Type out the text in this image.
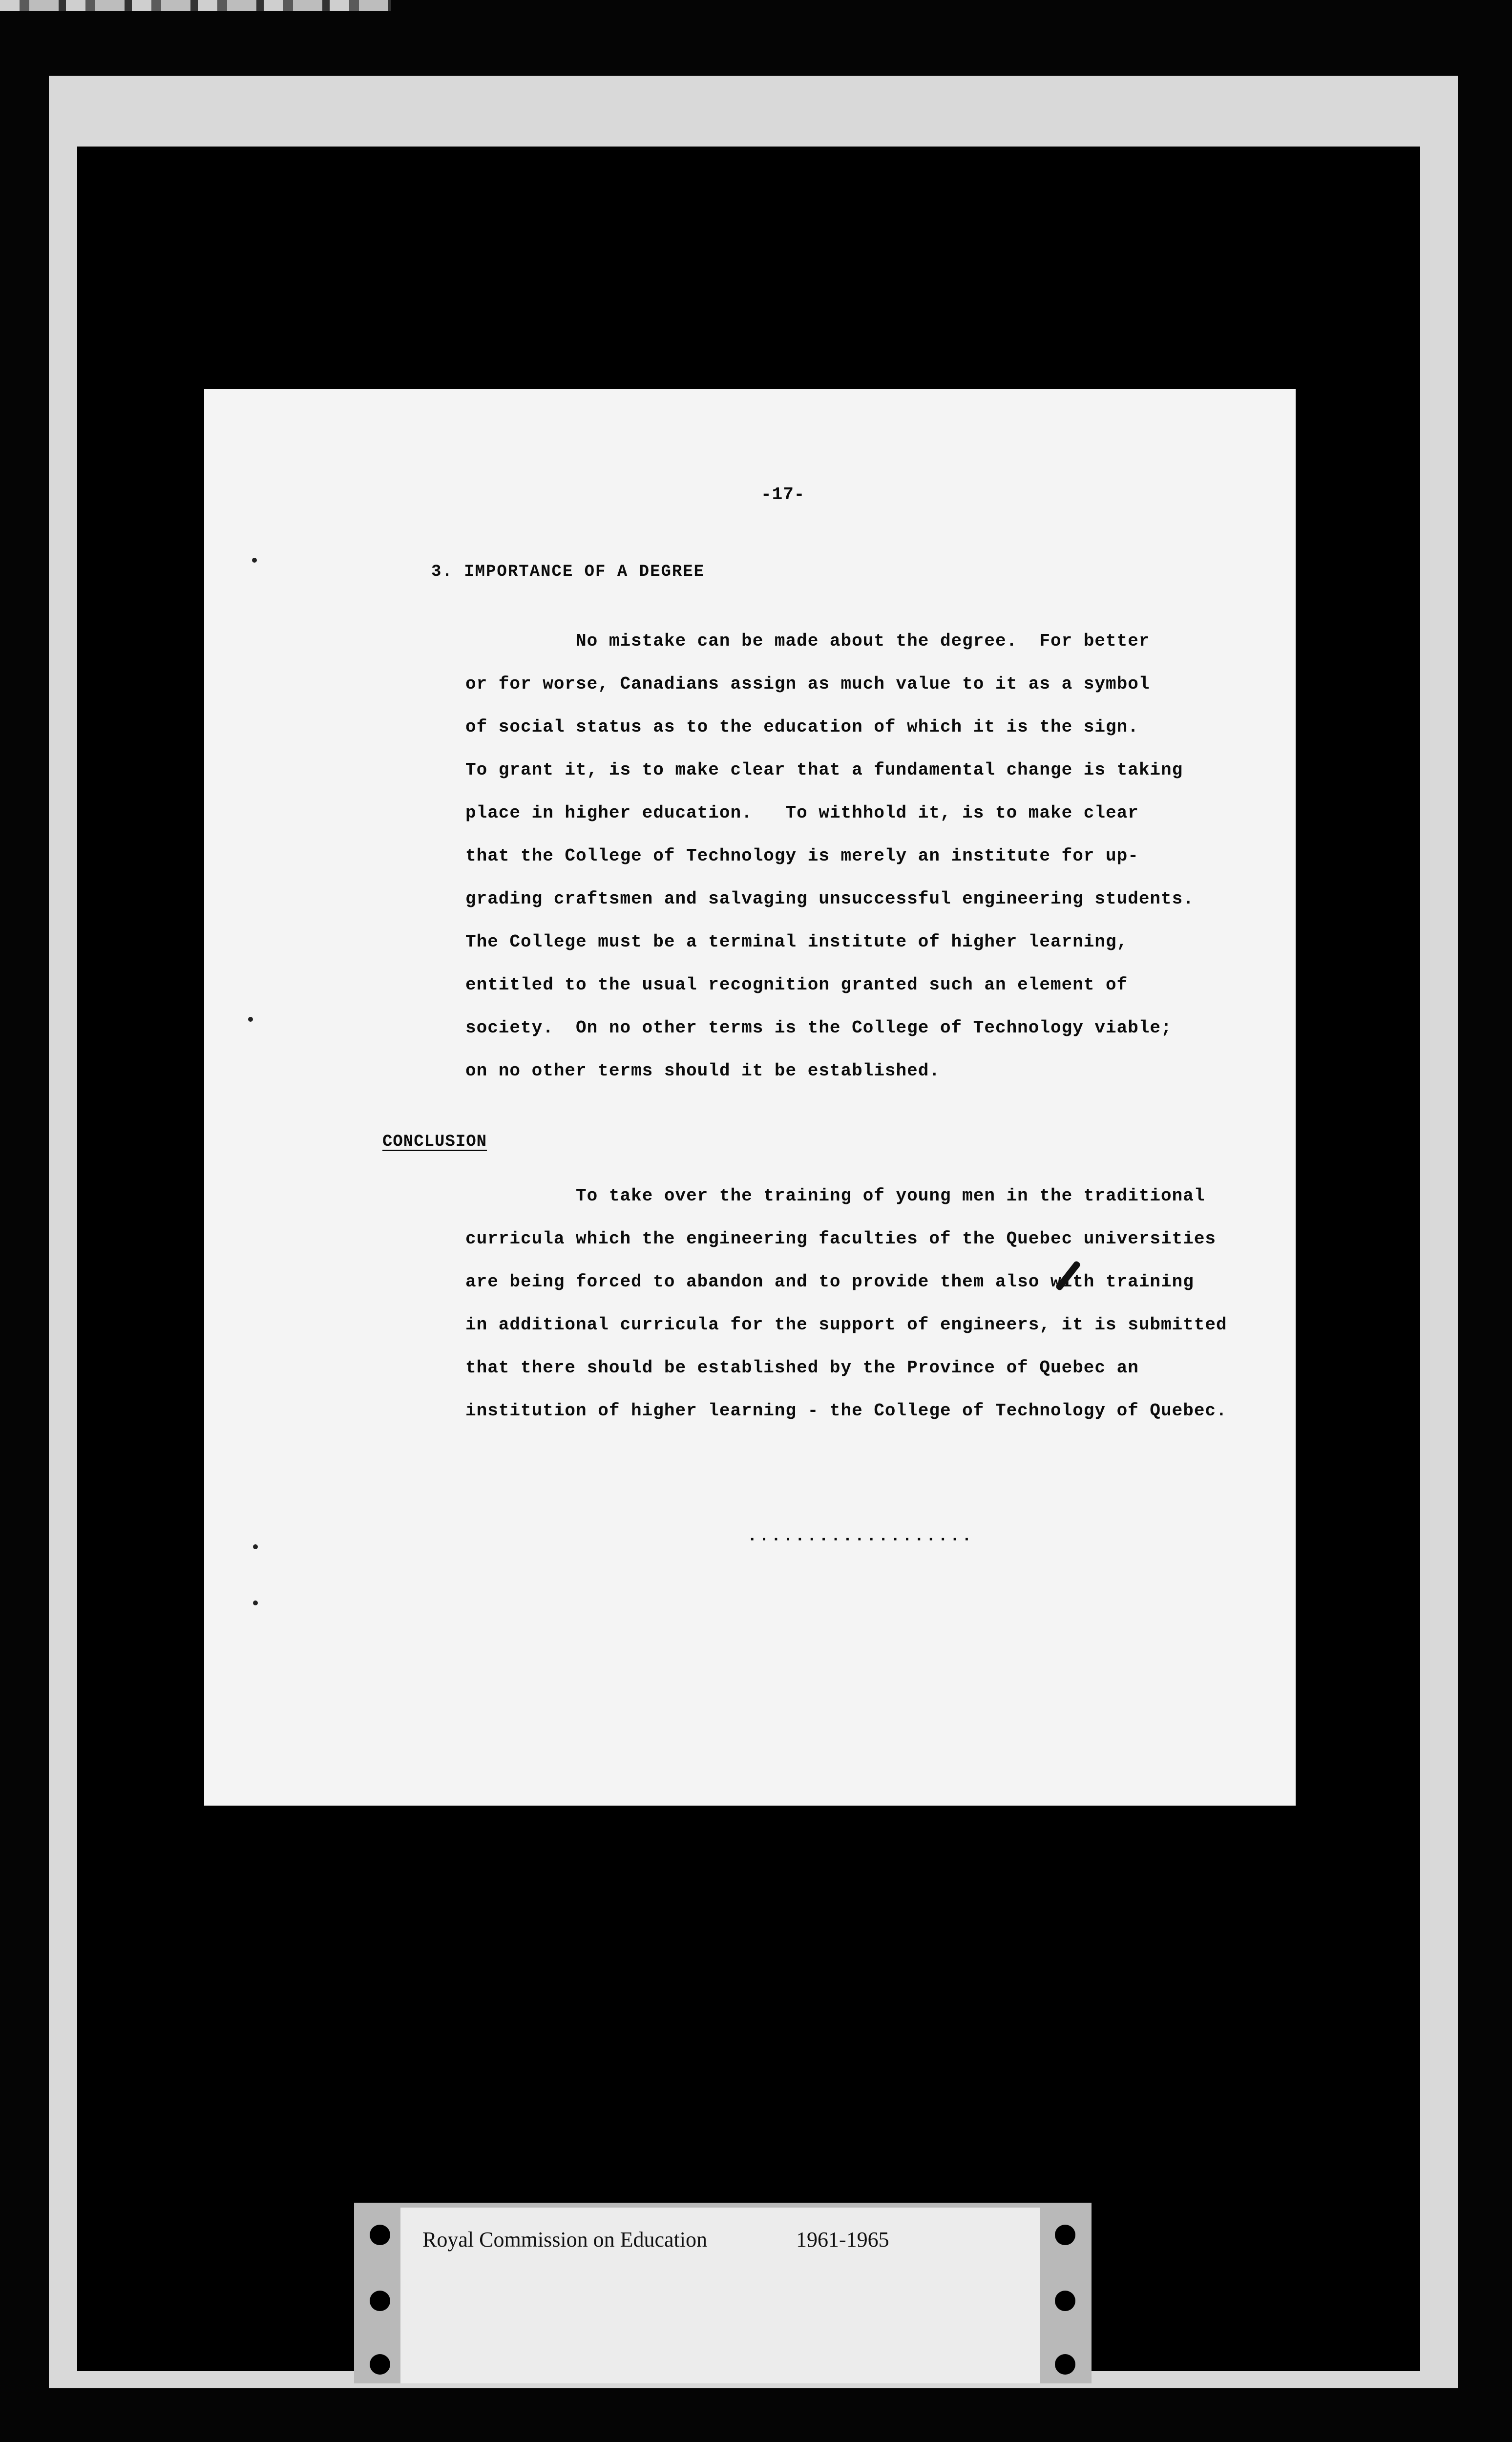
-17-
3. IMPORTANCE OF A DEGREE
No mistake can be made about the degree.  For better
or for worse, Canadians assign as much value to it as a symbol
of social status as to the education of which it is the sign.
To grant it, is to make clear that a fundamental change is taking
place in higher education.   To withhold it, is to make clear
that the College of Technology is merely an institute for up-
grading craftsmen and salvaging unsuccessful engineering students.
The College must be a terminal institute of higher learning,
entitled to the usual recognition granted such an element of
society.  On no other terms is the College of Technology viable;
on no other terms should it be established.
CONCLUSION
To take over the training of young men in the traditional
curricula which the engineering faculties of the Quebec universities
are being forced to abandon and to provide them also with training
in additional curricula for the support of engineers, it is submitted
that there should be established by the Province of Quebec an
institution of higher learning - the College of Technology of Quebec.
...................
Royal Commission on Education	1961-1965
